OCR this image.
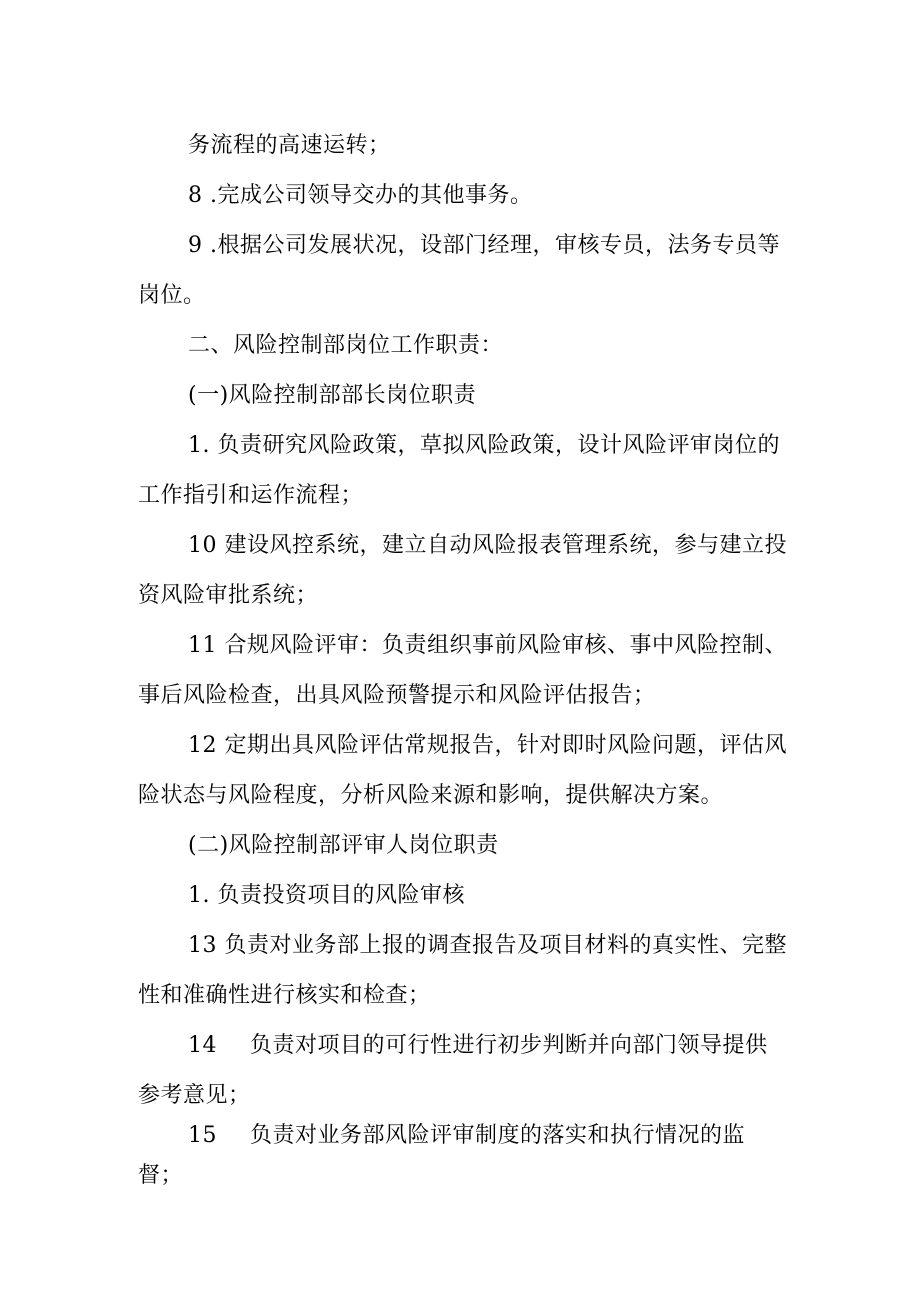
务流程的高速运转；
8 .完成公司领导交办的其他事务。
9 .根据公司发展状况，设部门经理，审核专员，法务专员等
岗位。
二、风险控制部岗位工作职责：
(一)风险控制部部长岗位职责
1. 负责研究风险政策，草拟风险政策，设计风险评审岗位的
工作指引和运作流程；
10 建设风控系统，建立自动风险报表管理系统，参与建立投
资风险审批系统；
11 合规风险评审：负责组织事前风险审核、事中风险控制、
事后风险检查，出具风险预警提示和风险评估报告；
12 定期出具风险评估常规报告，针对即时风险问题，评估风
险状态与风险程度，分析风险来源和影响，提供解决方案。
(二)风险控制部评审人岗位职责
1. 负责投资项目的风险审核
13 负责对业务部上报的调查报告及项目材料的真实性、完整
性和准确性进行核实和检查；
14 负责对项目的可行性进行初步判断并向部门领导提供
参考意见；
15 负责对业务部风险评审制度的落实和执行情况的监
督；
